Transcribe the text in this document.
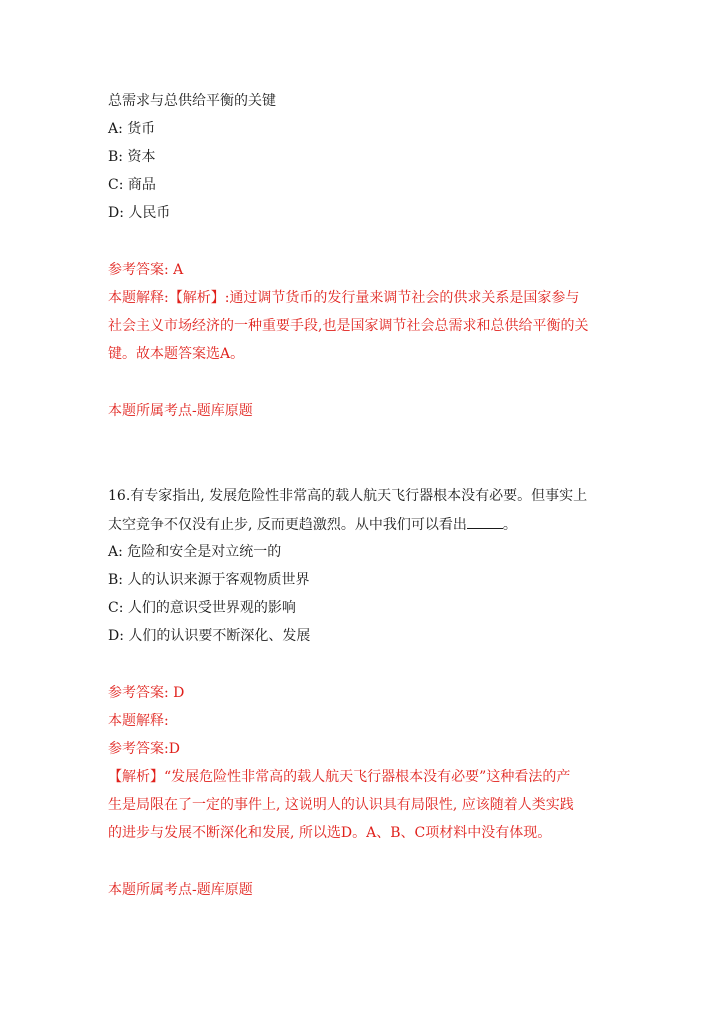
总需求与总供给平衡的关键
A: 货币
B: 资本
C: 商品
D: 人民币
参考答案: A
本题解释:【解析】:通过调节货币的发行量来调节社会的供求关系是国家参与
社会主义市场经济的一种重要手段,也是国家调节社会总需求和总供给平衡的关
键。故本题答案选A。
本题所属考点-题库原题
16.有专家指出, 发展危险性非常高的载人航天飞行器根本没有必要。但事实上
太空竞争不仅没有止步, 反而更趋激烈。从中我们可以看出	。
A: 危险和安全是对立统一的
B: 人的认识来源于客观物质世界
C: 人们的意识受世界观的影响
D: 人们的认识要不断深化、发展
参考答案: D
本题解释:
参考答案:D
【解析】“发展危险性非常高的载人航天飞行器根本没有必要”这种看法的产
生是局限在了一定的事件上, 这说明人的认识具有局限性, 应该随着人类实践
的进步与发展不断深化和发展, 所以选D。A、B、C项材料中没有体现。
本题所属考点-题库原题
